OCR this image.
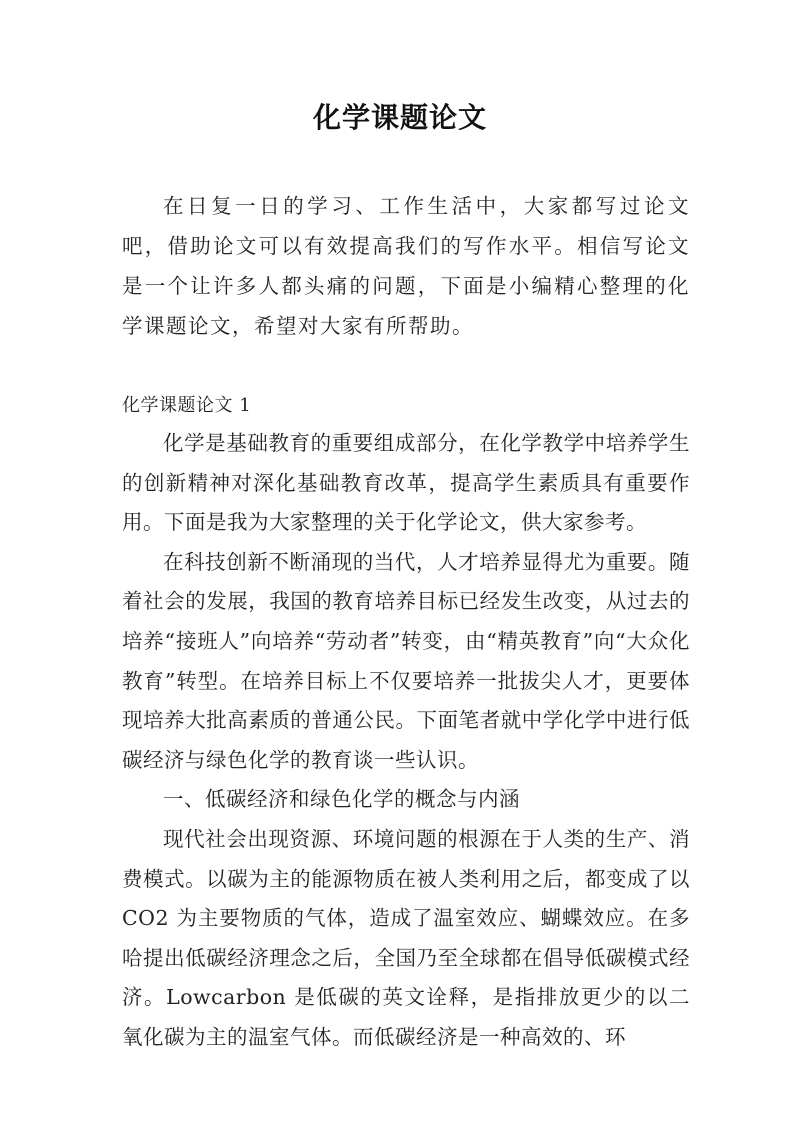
化学课题论文

在日复一日的学习、工作生活中，大家都写过论文吧，借助论文可以有效提高我们的写作水平。相信写论文是一个让许多人都头痛的问题，下面是小编精心整理的化学课题论文，希望对大家有所帮助。

化学课题论文 1

化学是基础教育的重要组成部分，在化学教学中培养学生的创新精神对深化基础教育改革，提高学生素质具有重要作用。下面是我为大家整理的关于化学论文，供大家参考。

在科技创新不断涌现的当代，人才培养显得尤为重要。随着社会的发展，我国的教育培养目标已经发生改变，从过去的培养“接班人”向培养“劳动者”转变，由“精英教育”向“大众化教育”转型。在培养目标上不仅要培养一批拔尖人才，更要体现培养大批高素质的普通公民。下面笔者就中学化学中进行低碳经济与绿色化学的教育谈一些认识。

一、低碳经济和绿色化学的概念与内涵

现代社会出现资源、环境问题的根源在于人类的生产、消费模式。以碳为主的能源物质在被人类利用之后，都变成了以 CO2 为主要物质的气体，造成了温室效应、蝴蝶效应。在多哈提出低碳经济理念之后，全国乃至全球都在倡导低碳模式经济。Lowcarbon 是低碳的英文诠释，是指排放更少的以二氧化碳为主的温室气体。而低碳经济是一种高效的、环
